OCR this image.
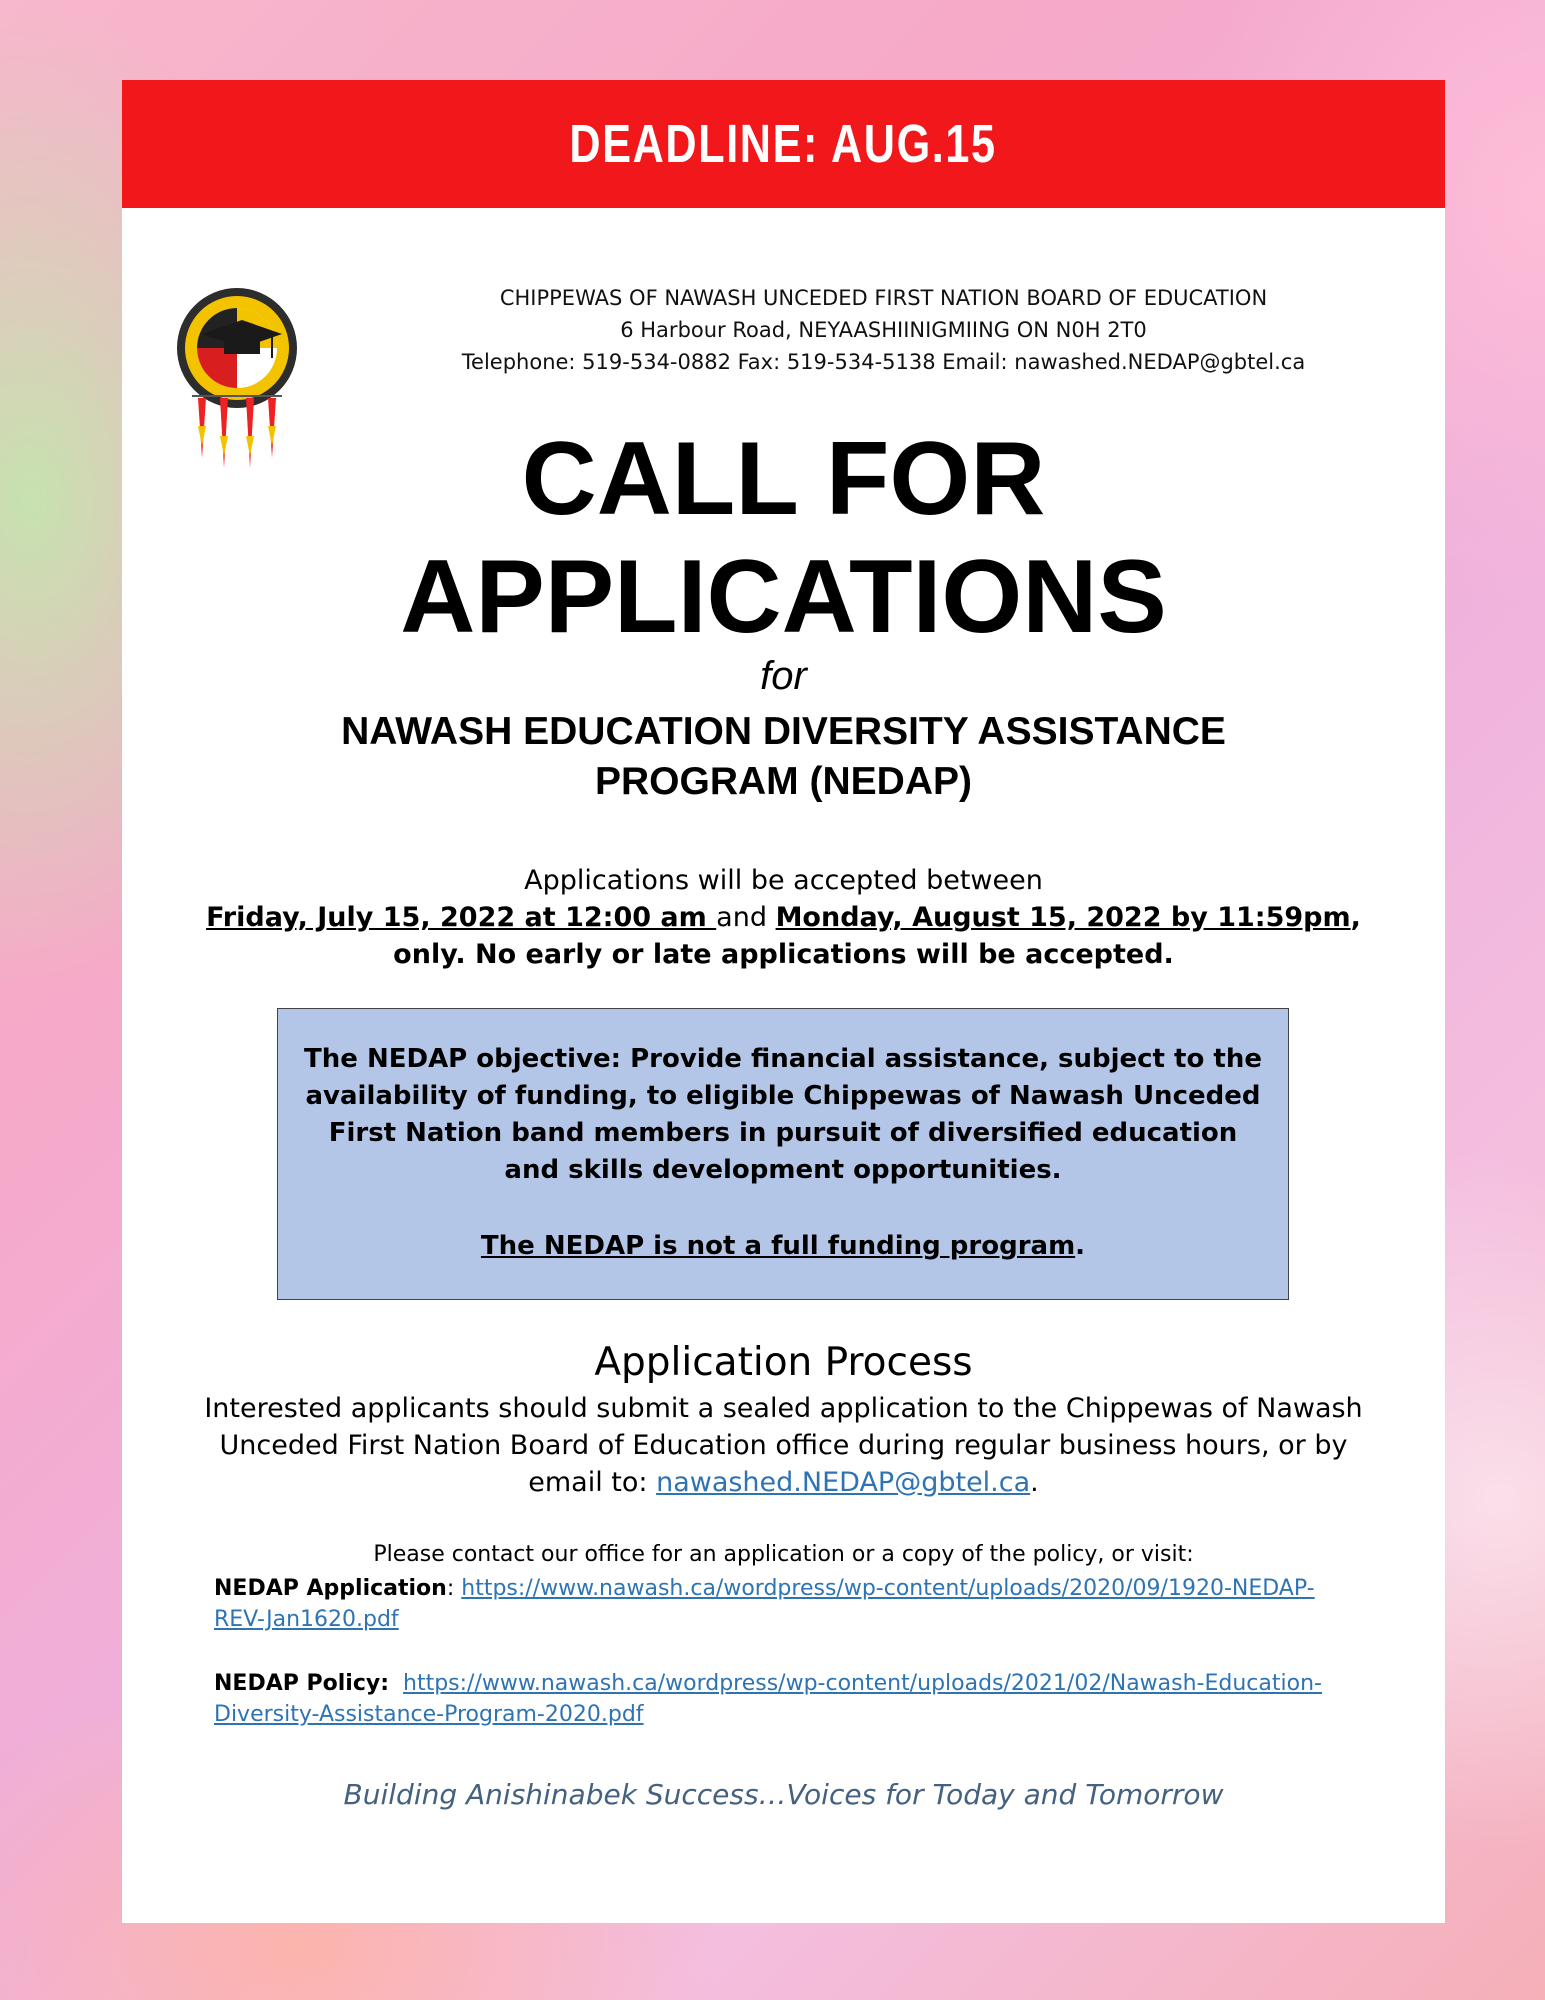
DEADLINE: AUG.15
CHIPPEWAS OF NAWASH UNCEDED FIRST NATION BOARD OF EDUCATION
6 Harbour Road, NEYAASHIINIGMIING ON N0H 2T0
Telephone: 519-534-0882 Fax: 519-534-5138 Email: nawashed.NEDAP@gbtel.ca
CALL FOR
APPLICATIONS
for
NAWASH EDUCATION DIVERSITY ASSISTANCE
PROGRAM (NEDAP)
Applications will be accepted between
Friday, July 15, 2022 at 12:00 am and Monday, August 15, 2022 by 11:59pm,
only. No early or late applications will be accepted.
The NEDAP objective: Provide financial assistance, subject to the availability of funding, to eligible Chippewas of Nawash Unceded First Nation band members in pursuit of diversified education and skills development opportunities.
The NEDAP is not a full funding program.
Application Process
Interested applicants should submit a sealed application to the Chippewas of Nawash Unceded First Nation Board of Education office during regular business hours, or by email to: nawashed.NEDAP@gbtel.ca.
Please contact our office for an application or a copy of the policy, or visit:
NEDAP Application: https://www.nawash.ca/wordpress/wp-content/uploads/2020/09/1920-NEDAP-REV-Jan1620.pdf
NEDAP Policy: https://www.nawash.ca/wordpress/wp-content/uploads/2021/02/Nawash-Education-Diversity-Assistance-Program-2020.pdf
Building Anishinabek Success…Voices for Today and Tomorrow
